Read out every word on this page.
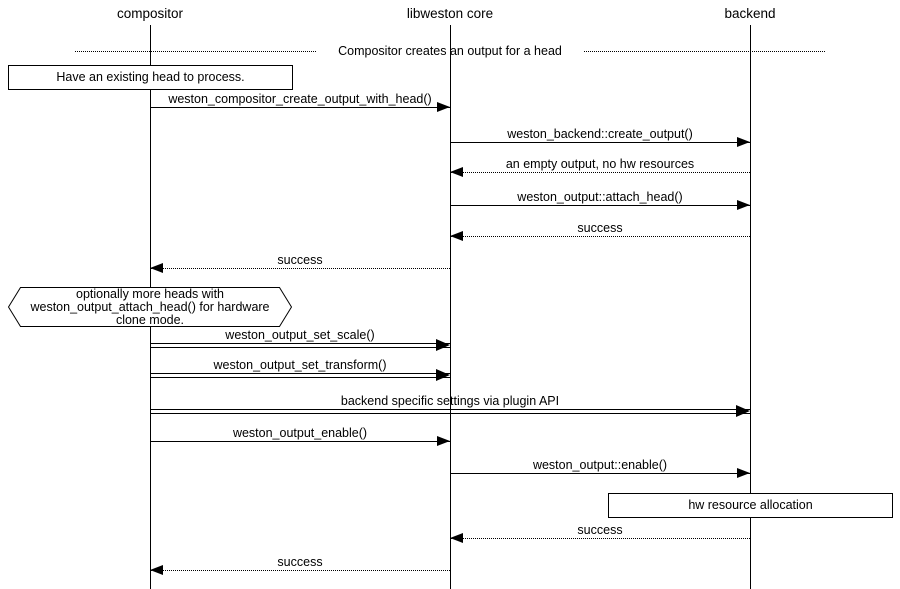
compositor	libweston core	backend
Compositor creates an output for a head
Have an existing head to process.
weston_compositor_create_output_with_head()
weston_backend::create_output()
an empty output, no hw resources
weston_output::attach_head()
success
success
optionally more heads with
weston_output_attach_head() for hardware
clone mode.
weston_output_set_scale()
weston_output_set_transform()
backend specific settings via plugin API
weston_output_enable()
weston_output::enable()
hw resource allocation
success
success
